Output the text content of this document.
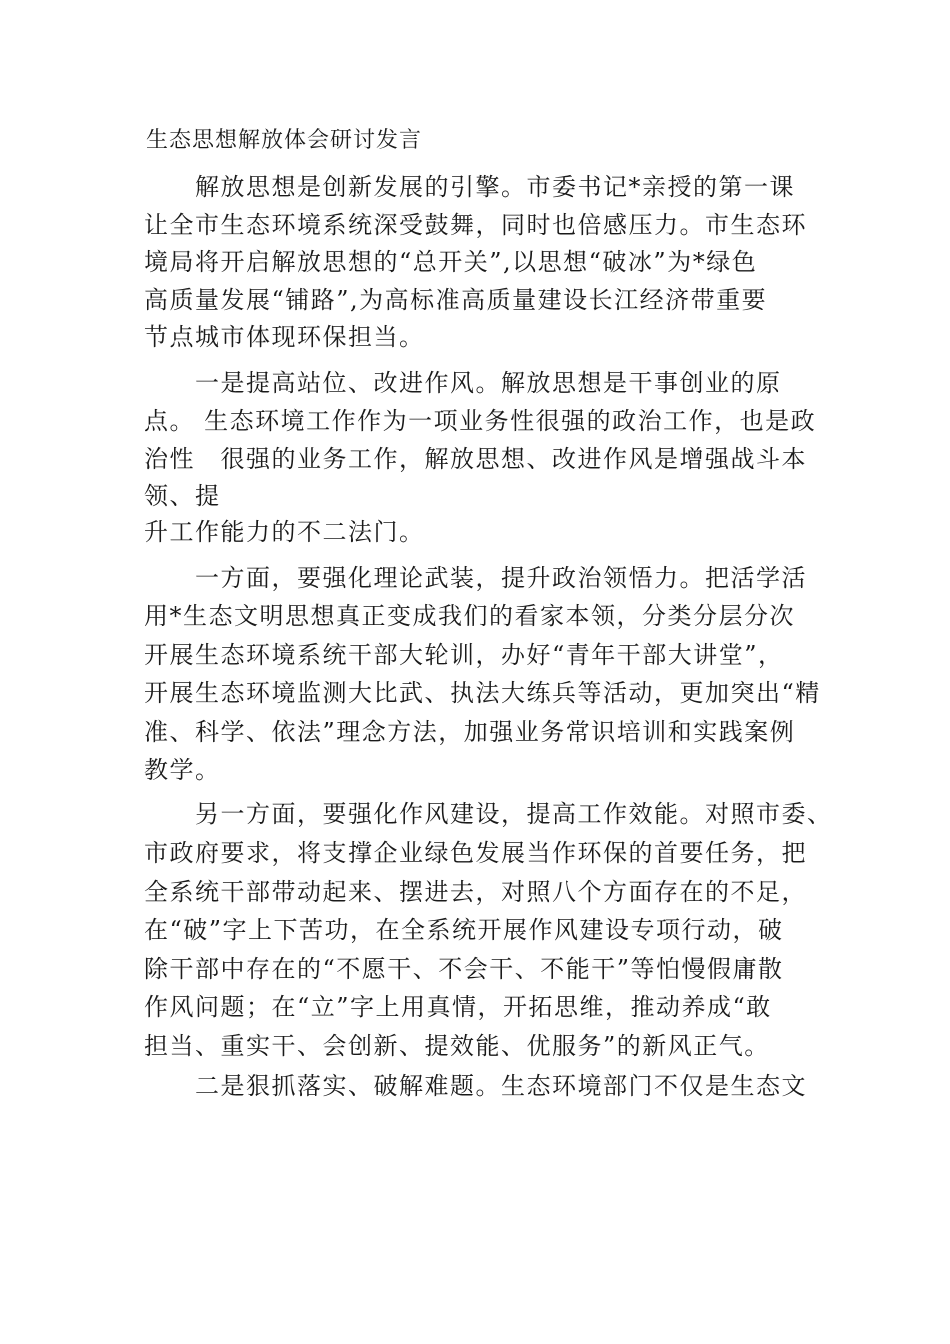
生态思想解放体会研讨发言
　　解放思想是创新发展的引擎。市委书记*亲授的第一课
让全市生态环境系统深受鼓舞，同时也倍感压力。市生态环
境局将开启解放思想的“总开关”,以思想“破冰”为*绿色
高质量发展“铺路”,为高标准高质量建设长江经济带重要
节点城市体现环保担当。
　　一是提高站位、改进作风。解放思想是干事创业的原
点。 生态环境工作作为一项业务性很强的政治工作，也是政
治性　很强的业务工作，解放思想、改进作风是增强战斗本
领、提
升工作能力的不二法门。
　　一方面，要强化理论武装，提升政治领悟力。把活学活
用*生态文明思想真正变成我们的看家本领，分类分层分次
开展生态环境系统干部大轮训，办好“青年干部大讲堂”，
开展生态环境监测大比武、执法大练兵等活动，更加突出“精
准、科学、依法”理念方法，加强业务常识培训和实践案例
教学。
　　另一方面，要强化作风建设，提高工作效能。对照市委、
市政府要求，将支撑企业绿色发展当作环保的首要任务，把
全系统干部带动起来、摆进去，对照八个方面存在的不足，
在“破”字上下苦功，在全系统开展作风建设专项行动，破
除干部中存在的“不愿干、不会干、不能干”等怕慢假庸散
作风问题；在“立”字上用真情，开拓思维，推动养成“敢
担当、重实干、会创新、提效能、优服务”的新风正气。
　　二是狠抓落实、破解难题。生态环境部门不仅是生态文
